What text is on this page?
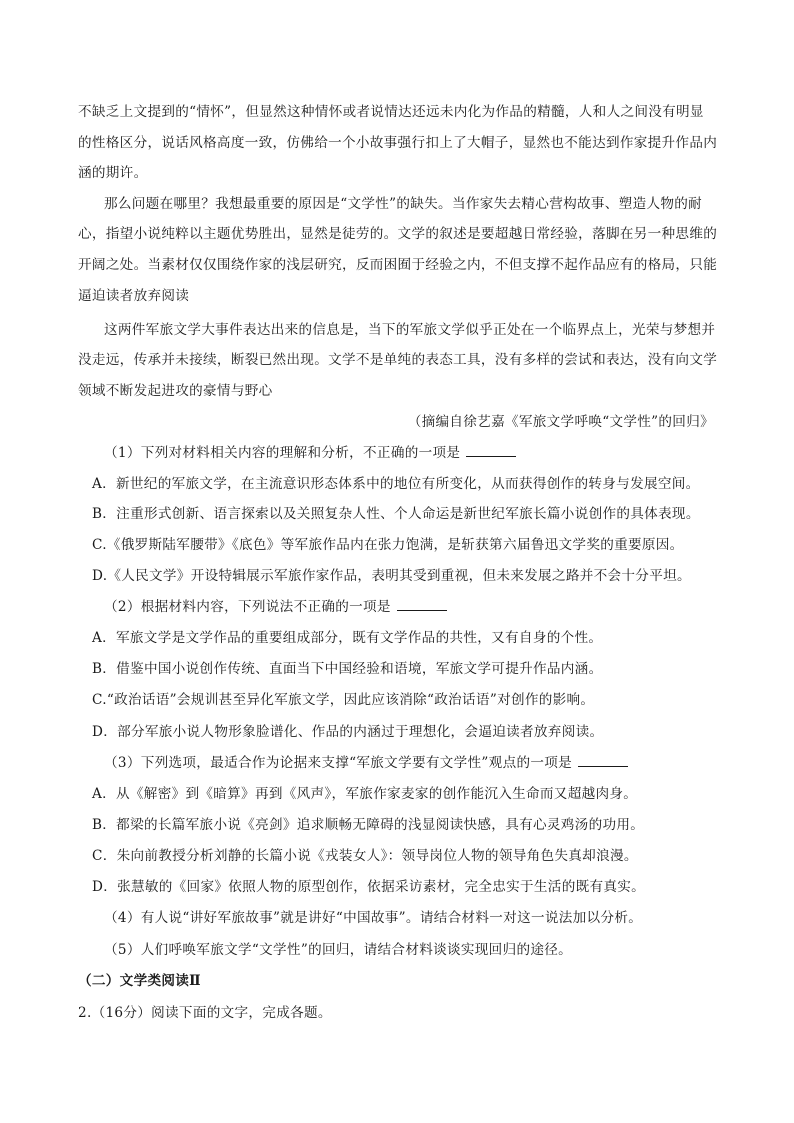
不缺乏上文提到的“情怀”，但显然这种情怀或者说情达还远未内化为作品的精髓，人和人之间没有明显
的性格区分，说话风格高度一致，仿佛给一个小故事强行扣上了大帽子，显然也不能达到作家提升作品内
涵的期许。
那么问题在哪里？我想最重要的原因是“文学性”的缺失。当作家失去精心营构故事、塑造人物的耐
心，指望小说纯粹以主题优势胜出，显然是徒劳的。文学的叙述是要超越日常经验，落脚在另一种思维的
开阔之处。当素材仅仅围绕作家的浅层研究，反而困囿于经验之内，不但支撑不起作品应有的格局，只能
逼迫读者放弃阅读
这两件军旅文学大事件表达出来的信息是，当下的军旅文学似乎正处在一个临界点上，光荣与梦想并
没走远，传承并未接续，断裂已然出现。文学不是单纯的表态工具，没有多样的尝试和表达，没有向文学
领域不断发起进攻的豪情与野心
（摘编自徐艺嘉《军旅文学呼唤“文学性”的回归》
（1）下列对材料相关内容的理解和分析，不正确的一项是
A．新世纪的军旅文学，在主流意识形态体系中的地位有所变化，从而获得创作的转身与发展空间。
B．注重形式创新、语言探索以及关照复杂人性、个人命运是新世纪军旅长篇小说创作的具体表现。
C.《俄罗斯陆军腰带》《底色》等军旅作品内在张力饱满，是斩获第六届鲁迅文学奖的重要原因。
D.《人民文学》开设特辑展示军旅作家作品，表明其受到重视，但未来发展之路并不会十分平坦。
（2）根据材料内容，下列说法不正确的一项是
A．军旅文学是文学作品的重要组成部分，既有文学作品的共性，又有自身的个性。
B．借鉴中国小说创作传统、直面当下中国经验和语境，军旅文学可提升作品内涵。
C.“政治话语”会规训甚至异化军旅文学，因此应该消除“政治话语”对创作的影响。
D．部分军旅小说人物形象脸谱化、作品的内涵过于理想化，会逼迫读者放弃阅读。
（3）下列选项，最适合作为论据来支撑“军旅文学要有文学性”观点的一项是
A．从《解密》到《暗算》再到《风声》，军旅作家麦家的创作能沉入生命而又超越肉身。
B．都梁的长篇军旅小说《亮剑》追求顺畅无障碍的浅显阅读快感，具有心灵鸡汤的功用。
C．朱向前教授分析刘静的长篇小说《戎装女人》：领导岗位人物的领导角色失真却浪漫。
D．张慧敏的《回家》依照人物的原型创作，依据采访素材，完全忠实于生活的既有真实。
（4）有人说“讲好军旅故事”就是讲好“中国故事”。请结合材料一对这一说法加以分析。
（5）人们呼唤军旅文学“文学性”的回归，请结合材料谈谈实现回归的途径。
（二）文学类阅读Ⅱ
2.（16分）阅读下面的文字，完成各题。
